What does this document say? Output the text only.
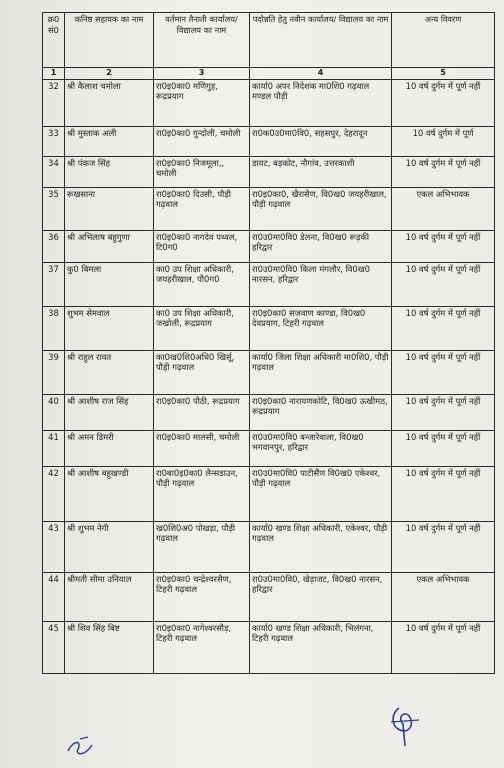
क्र0 सं0	कनिष्ठ सहायक का नाम	वर्तमान तैनाती कार्यालय/ विद्यालय का नाम	पदोन्नति हेतु नवीन कार्यालय/ विद्यालय का नाम	अन्य विवरण
1	2	3	4	5
32	श्री कैलाश चमोला	रा0इ0का0 मणिगुह, रूद्रप्रयाग	कार्या0 अपर निदेशक मा0शि0 गढ़वाल मण्डल पौड़ी	10 वर्ष दुर्गम में पूर्ण नहीं
33	श्री मुस्ताक अली	रा0इ0का0 गुन्दोली, चमोली	रा0क0उ0मा0वि0, सहसपुर, देहरादून	10 वर्ष दुर्गम में पूर्ण
34	श्री पंकज सिंह	रा0इ0का0 निजमूला,, चमोली	डायट, बड़कोट, नौगांव, उत्तरकाशी	10 वर्ष दुर्गम में पूर्ण नहीं
35	रूखसाना	रा0इ0का0 दिउसी, पौड़ी गढ़वाल	रा0इ0का0, खैरासैण, वि0ख0 जयहरीखाल, पौड़ी गढ़वाल	एकल अभिभावक
36	श्री अभिलाष बहुगुणा	रा0इ0का0 नागदेव पथ्वल, टि0ग0	रा0उ0मा0वि0 डेलना, वि0ख0 रूड़की हरिद्वार	10 वर्ष दुर्गम में पूर्ण नहीं
37	कु0 बिमला	का0 उप शिक्षा अधिकारी, जयहरीखाल, पौ0ग0	रा0उ0मा0वि0 किला मंगलौर, वि0ख0 नारसन, हरिद्वार	10 वर्ष दुर्गम में पूर्ण नहीं
38	शुभम सेमवाल	का0 उप शिक्षा अधिकारी, जखोली, रूद्रप्रयाग	रा0इ0का0 सजवाण काण्डा, वि0ख0 देवप्रयाग, टिहरी गढ़वाल	10 वर्ष दुर्गम में पूर्ण नहीं
39	श्री राहुल रावत	का0ख0शि0अधि0 खिर्सू, पौड़ी गढ़वाल	कार्या0 जिला शिक्षा अधिकारी मा0शि0, पौड़ी गढ़वाल	10 वर्ष दुर्गम में पूर्ण नहीं
40	श्री आशीष राज सिंह	रा0इ0का0 पौठी, रूद्रप्रयाग	रा0इ0का0 नारायणकोटि, वि0ख0 ऊखीमठ, रूद्रप्रयाग	10 वर्ष दुर्गम में पूर्ण नहीं
41	श्री अमन डिमरी	रा0इ0का0 मालसी, चमोली	रा0उ0मा0वि0 बन्जारेवाला, वि0ख0 भगवानपुर, हरिद्वार	10 वर्ष दुर्गम में पूर्ण नहीं
42	श्री आशीष बहुखण्डी	रा0बा0इ0का0 लैन्सडाउन, पौड़ी गढ़वाल	रा0उ0मा0वि0 पाटीसैंण वि0ख0 एकेश्वर, पौड़ी गढ़वाल	10 वर्ष दुर्गम में पूर्ण नहीं
43	श्री शुभम नेगी	ख0शि0अ0 पोखड़ा, पौड़ी गढ़वाल	कार्या0 खण्ड शिक्षा अधिकारी, एकेश्वर, पौड़ी गढ़वाल	10 वर्ष दुर्गम में पूर्ण नहीं
44	श्रीमती सीमा उनियाल	रा0इ0का0 चन्द्रेश्वरसैण, टिहरी गढ़वाल	रा0उ0मा0वि0, खेड़ाजट, वि0ख0 नारसन, हरिद्वार	एकल अभिभावक
45	श्री शिव सिंह बिष्ट	रा0इ0का0 नागेश्वरसौड़, टिहरी गढ़वाल	कार्या0 खण्ड शिक्षा अधिकारी, भिलंगना, टिहरी गढ़वाल	10 वर्ष दुर्गम में पूर्ण नहीं
